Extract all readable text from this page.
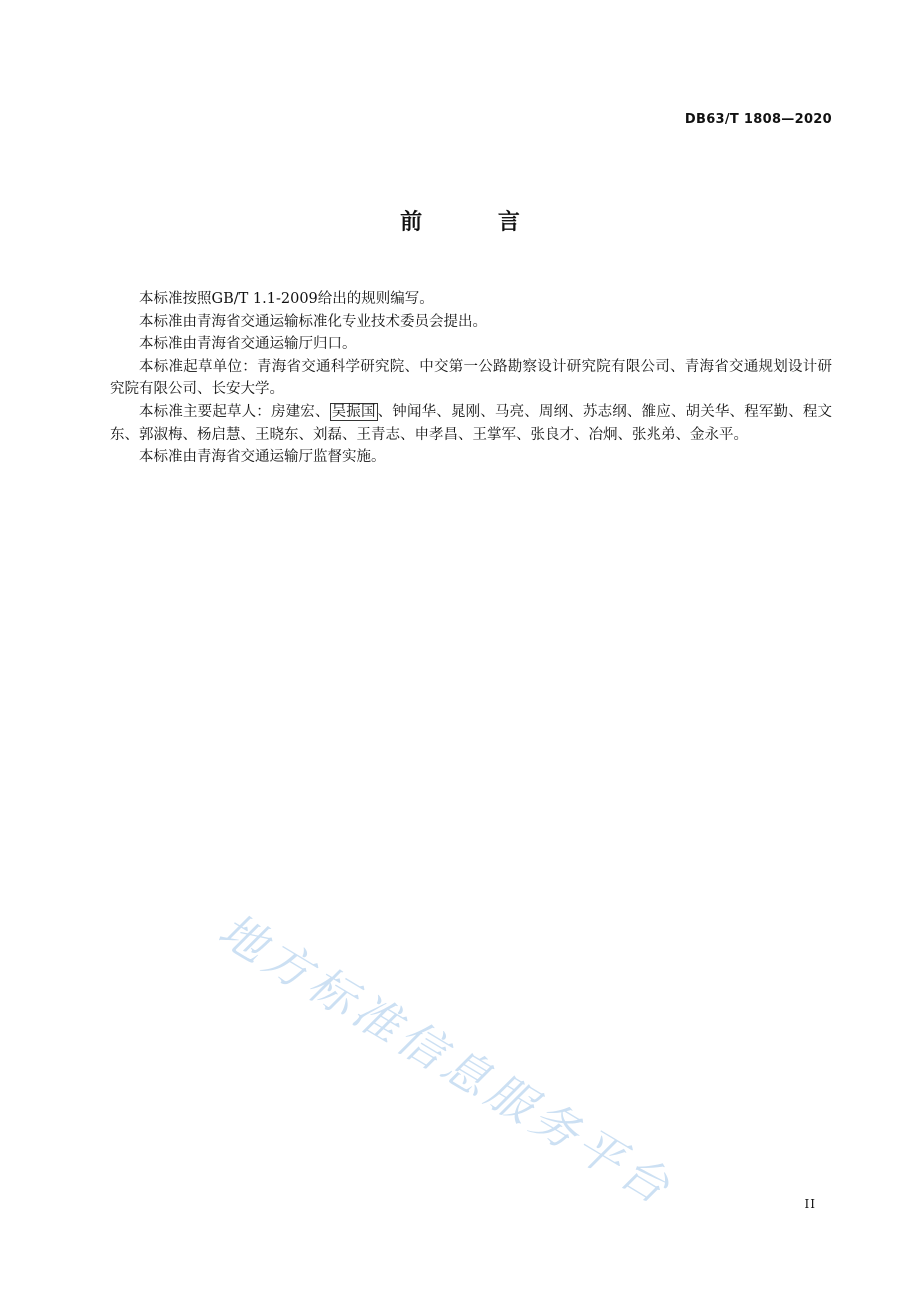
DB63/T 1808—2020
前 言

本标准按照GB/T 1.1-2009给出的规则编写。

本标准由青海省交通运输标准化专业技术委员会提出。

本标准由青海省交通运输厅归口。

本标准起草单位：青海省交通科学研究院、中交第一公路勘察设计研究院有限公司、青海省交通规划设计研究院有限公司、长安大学。

本标准主要起草人：房建宏、 吴振国 、钟闻华、晁刚、马亮、周纲、苏志纲、雒应、胡关华、程军勤、程文东、郭淑梅、杨启慧、王晓东、刘磊、王青志、申孝昌、王掌军、张良才、冶炯、张兆弟、金永平。

本标准由青海省交通运输厅监督实施。

地方标准信息服务平台	II
